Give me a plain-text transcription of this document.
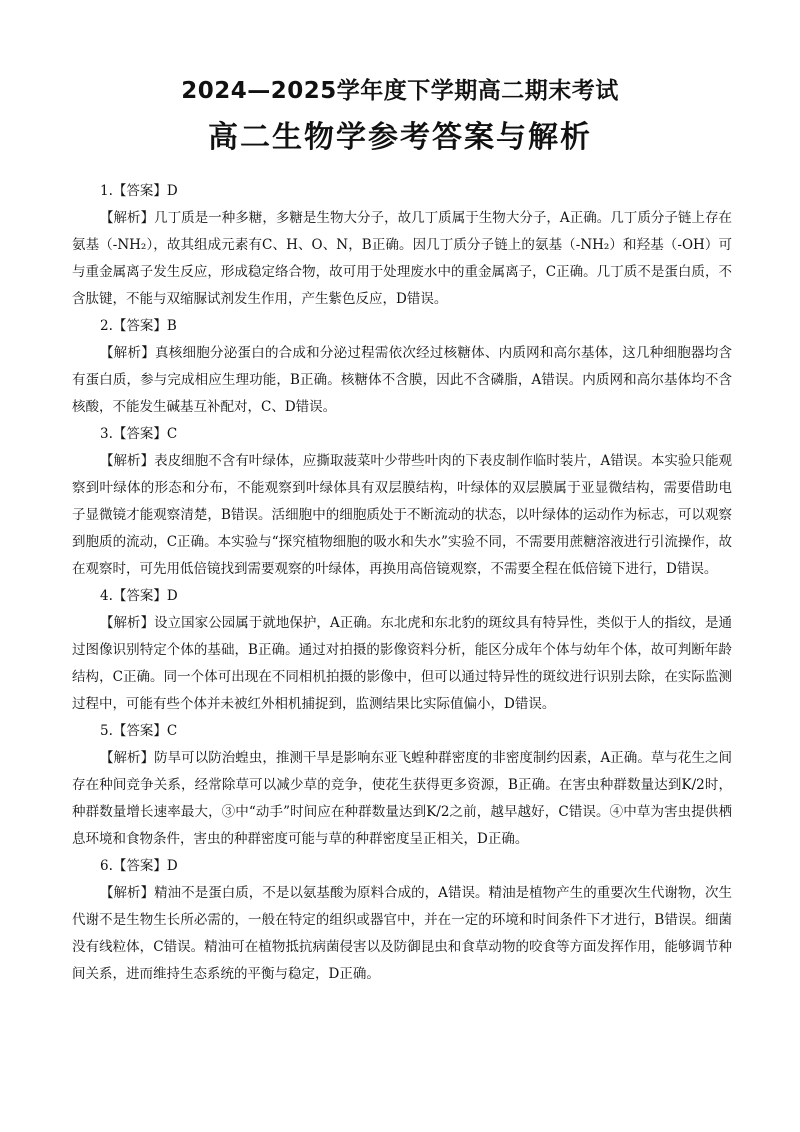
2024—2025学年度下学期高二期末考试
高二生物学参考答案与解析
1.【答案】D

【解析】几丁质是一种多糖，多糖是生物大分子，故几丁质属于生物大分子，A正确。几丁质分子链上存在氨基（-NH₂），故其组成元素有C、H、O、N，B正确。因几丁质分子链上的氨基（-NH₂）和羟基（-OH）可与重金属离子发生反应，形成稳定络合物，故可用于处理废水中的重金属离子，C正确。几丁质不是蛋白质，不含肽键，不能与双缩脲试剂发生作用，产生紫色反应，D错误。

2.【答案】B

【解析】真核细胞分泌蛋白的合成和分泌过程需依次经过核糖体、内质网和高尔基体，这几种细胞器均含有蛋白质，参与完成相应生理功能，B正确。核糖体不含膜，因此不含磷脂，A错误。内质网和高尔基体均不含核酸，不能发生碱基互补配对，C、D错误。

3.【答案】C

【解析】表皮细胞不含有叶绿体，应撕取菠菜叶少带些叶肉的下表皮制作临时装片，A错误。本实验只能观察到叶绿体的形态和分布，不能观察到叶绿体具有双层膜结构，叶绿体的双层膜属于亚显微结构，需要借助电子显微镜才能观察清楚，B错误。活细胞中的细胞质处于不断流动的状态，以叶绿体的运动作为标志，可以观察到胞质的流动，C正确。本实验与“探究植物细胞的吸水和失水”实验不同，不需要用蔗糖溶液进行引流操作，故在观察时，可先用低倍镜找到需要观察的叶绿体，再换用高倍镜观察，不需要全程在低倍镜下进行，D错误。

4.【答案】D

【解析】设立国家公园属于就地保护，A正确。东北虎和东北豹的斑纹具有特异性，类似于人的指纹，是通过图像识别特定个体的基础，B正确。通过对拍摄的影像资料分析，能区分成年个体与幼年个体，故可判断年龄结构，C正确。同一个体可出现在不同相机拍摄的影像中，但可以通过特异性的斑纹进行识别去除，在实际监测过程中，可能有些个体并未被红外相机捕捉到，监测结果比实际值偏小，D错误。

5.【答案】C

【解析】防旱可以防治蝗虫，推测干旱是影响东亚飞蝗种群密度的非密度制约因素，A正确。草与花生之间存在种间竞争关系，经常除草可以减少草的竞争，使花生获得更多资源，B正确。在害虫种群数量达到K/2时，种群数量增长速率最大，③中“动手”时间应在种群数量达到K/2之前，越早越好，C错误。④中草为害虫提供栖息环境和食物条件，害虫的种群密度可能与草的种群密度呈正相关，D正确。

6.【答案】D

【解析】精油不是蛋白质，不是以氨基酸为原料合成的，A错误。精油是植物产生的重要次生代谢物，次生代谢不是生物生长所必需的，一般在特定的组织或器官中，并在一定的环境和时间条件下才进行，B错误。细菌没有线粒体，C错误。精油可在植物抵抗病菌侵害以及防御昆虫和食草动物的咬食等方面发挥作用，能够调节种间关系，进而维持生态系统的平衡与稳定，D正确。
